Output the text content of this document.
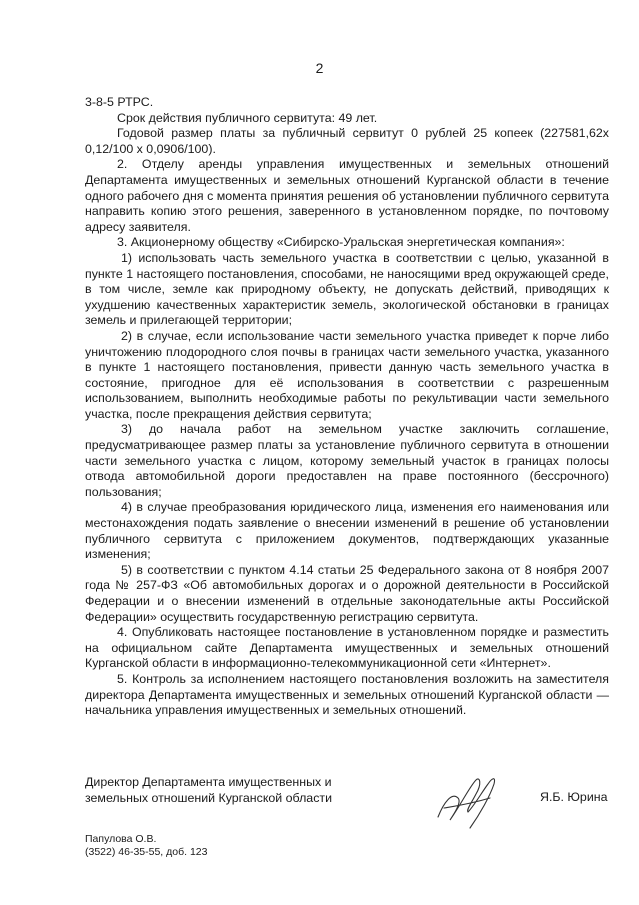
2

3-8-5 РТРС.

Срок действия публичного сервитута: 49 лет.

Годовой размер платы за публичный сервитут 0 рублей 25 копеек (227581,62х 0,12/100 х 0,0906/100).

2. Отделу аренды управления имущественных и земельных отношений Департамента имущественных и земельных отношений Курганской области в течение одного рабочего дня с момента принятия решения об установлении публичного сервитута направить копию этого решения, заверенного в установленном порядке, по почтовому адресу заявителя.

3. Акционерному обществу «Сибирско-Уральская энергетическая компания»:

1) использовать часть земельного участка в соответствии с целью, указанной в пункте 1 настоящего постановления, способами, не наносящими вред окружающей среде, в том числе, земле как природному объекту, не допускать действий, приводящих к ухудшению качественных характеристик земель, экологической обстановки в границах земель и прилегающей территории;

2) в случае, если использование части земельного участка приведет к порче либо уничтожению плодородного слоя почвы в границах части земельного участка, указанного в пункте 1 настоящего постановления, привести данную часть земельного участка в состояние, пригодное для её использования в соответствии с разрешенным использованием, выполнить необходимые работы по рекультивации части земельного участка, после прекращения действия сервитута;

3) до начала работ на земельном участке заключить соглашение, предусматривающее размер платы за установление публичного сервитута в отношении части земельного участка с лицом, которому земельный участок в границах полосы отвода автомобильной дороги предоставлен на праве постоянного (бессрочного) пользования;

4) в случае преобразования юридического лица, изменения его наименования или местонахождения подать заявление о внесении изменений в решение об установлении публичного сервитута с приложением документов, подтверждающих указанные изменения;

5) в соответствии с пунктом 4.14 статьи 25 Федерального закона от 8 ноября 2007 года № 257-ФЗ «Об автомобильных дорогах и о дорожной деятельности в Российской Федерации и о внесении изменений в отдельные законодательные акты Российской Федерации» осуществить государственную регистрацию сервитута.

4. Опубликовать настоящее постановление в установленном порядке и разместить на официальном сайте Департамента имущественных и земельных отношений Курганской области в информационно-телекоммуникационной сети «Интернет».

5. Контроль за исполнением настоящего постановления возложить на заместителя директора Департамента имущественных и земельных отношений Курганской области — начальника управления имущественных и земельных отношений.

Директор Департамента имущественных и
земельных отношений Курганской области	Я.Б. Юрина
Папулова О.В.
(3522) 46-35-55, доб. 123
